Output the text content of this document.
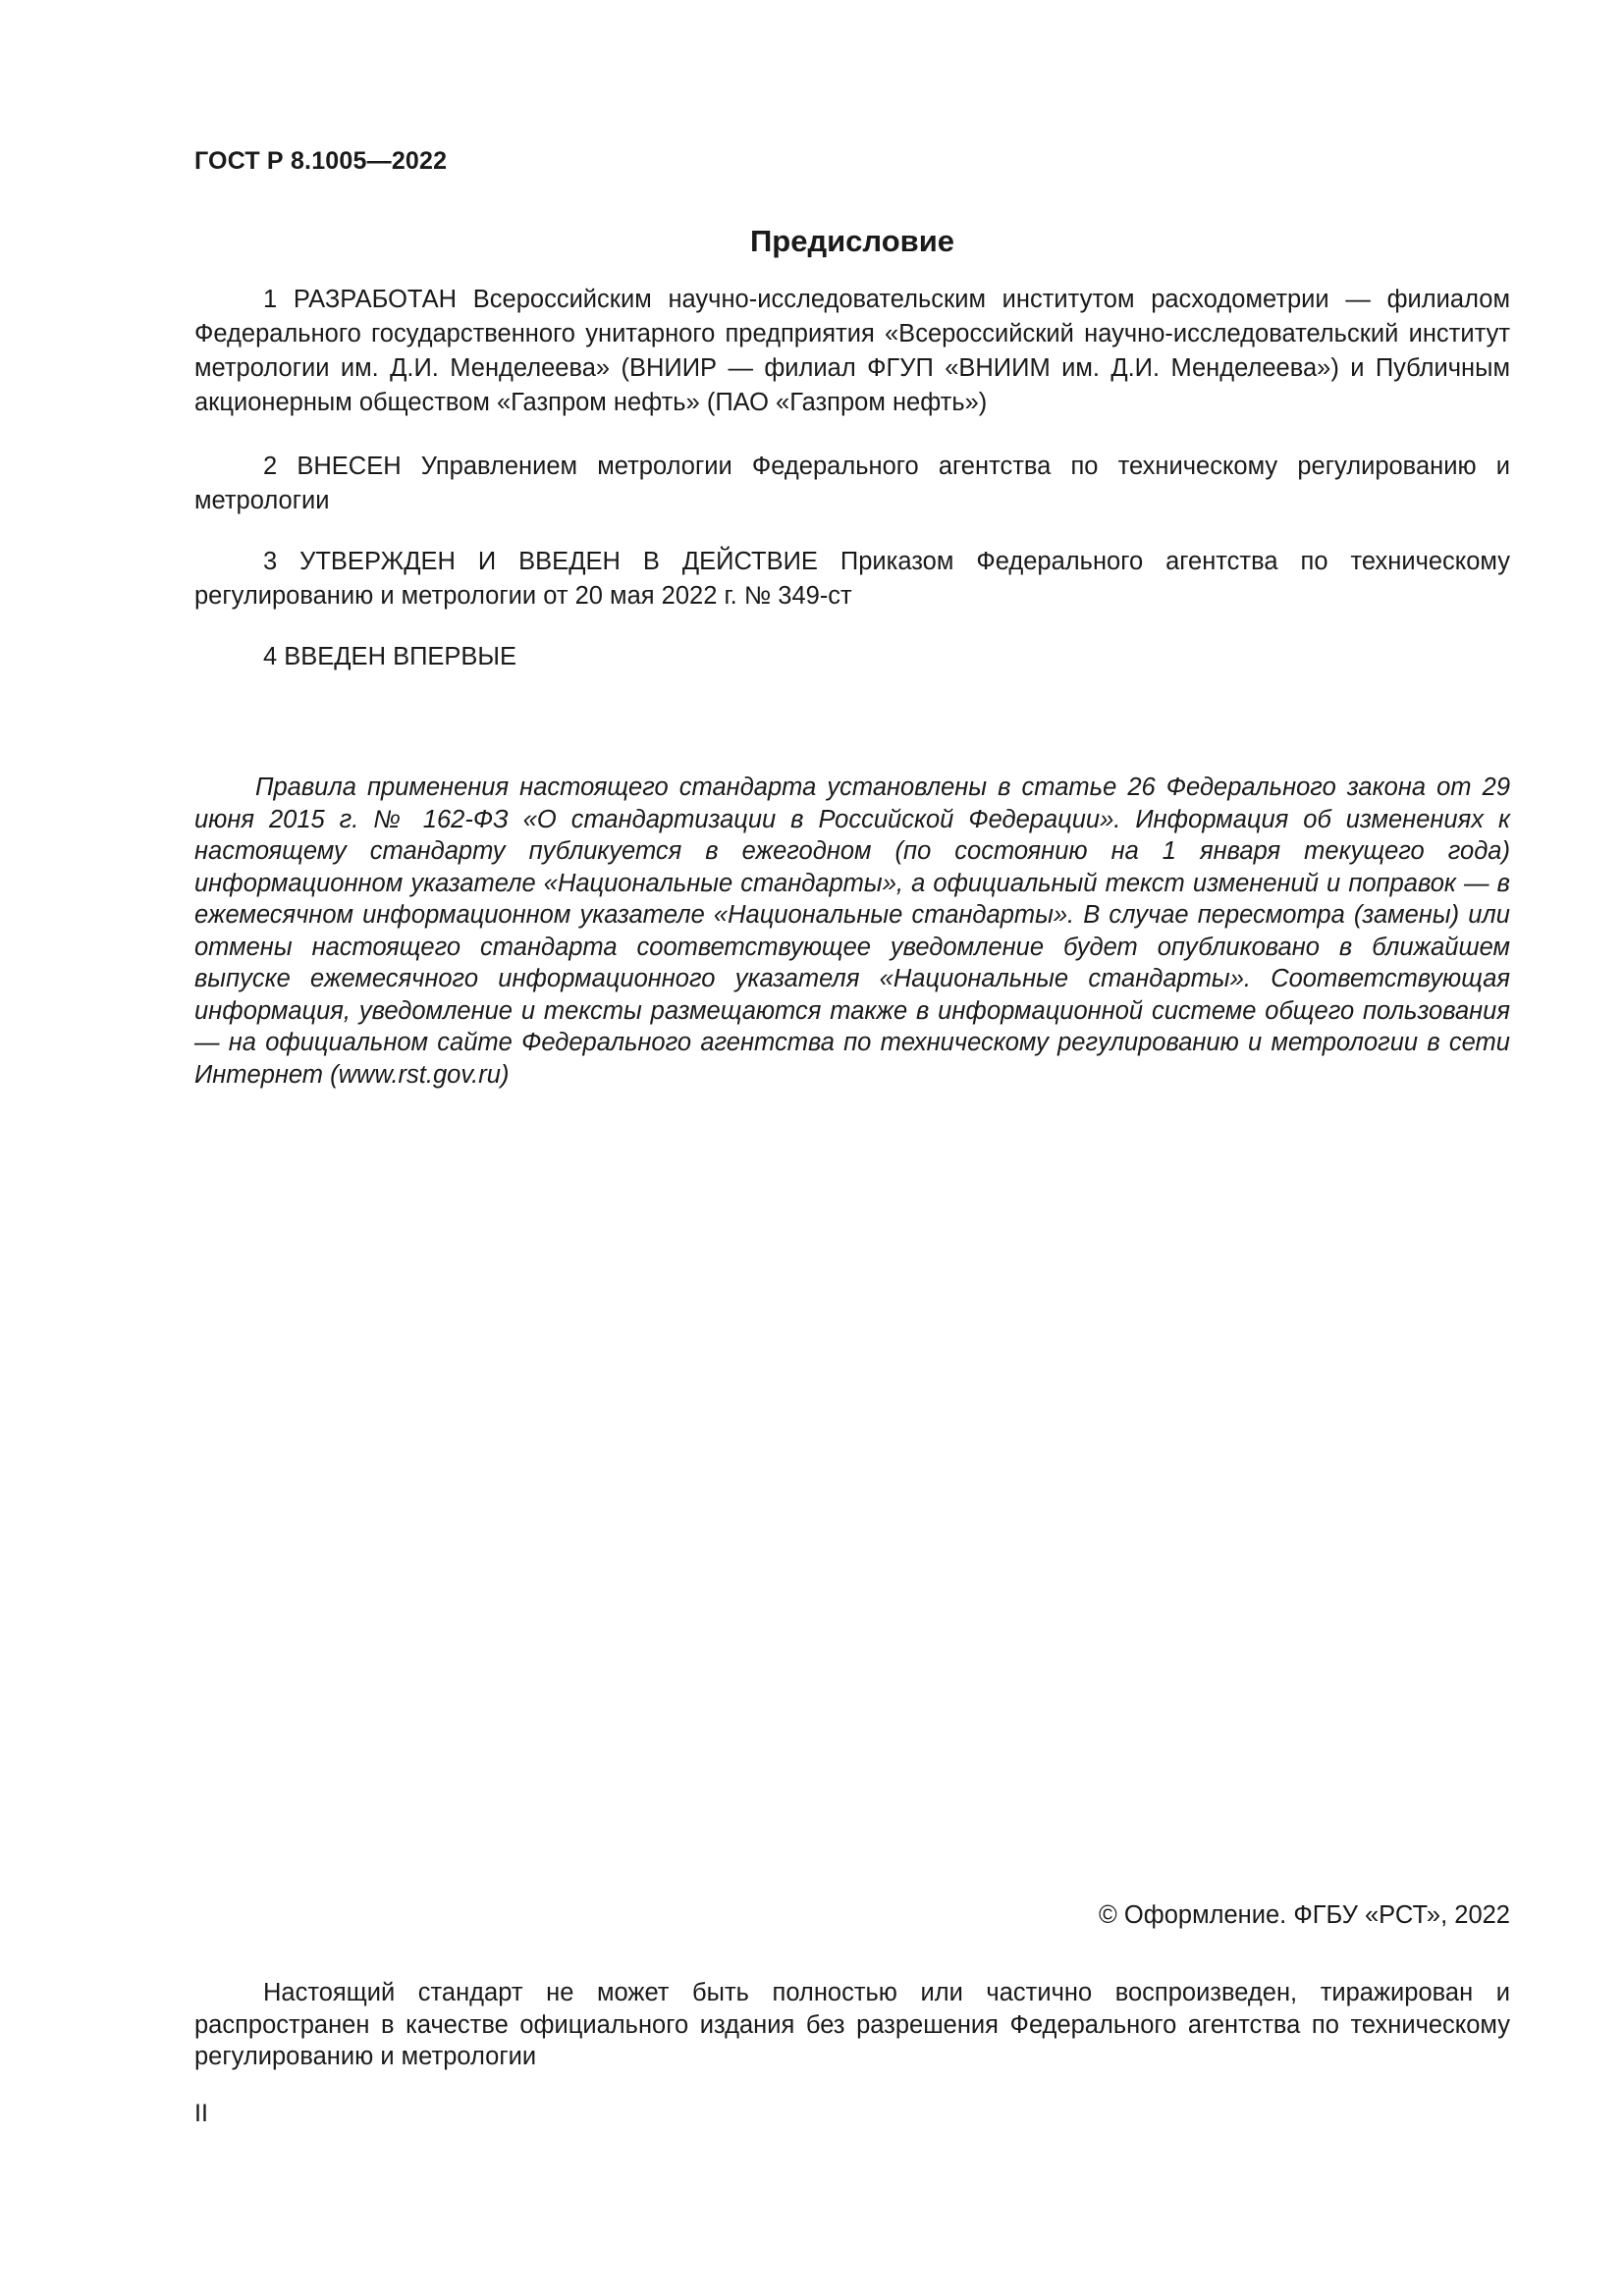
ГОСТ Р 8.1005—2022
Предисловие

1 РАЗРАБОТАН Всероссийским научно-исследовательским институтом расходометрии — филиалом Федерального государственного унитарного предприятия «Всероссийский научно-исследовательский институт метрологии им. Д.И. Менделеева» (ВНИИР — филиал ФГУП «ВНИИМ им. Д.И. Менделеева») и Публичным акционерным обществом «Газпром нефть» (ПАО «Газпром нефть»)

2 ВНЕСЕН Управлением метрологии Федерального агентства по техническому регулированию и метрологии

3 УТВЕРЖДЕН И ВВЕДЕН В ДЕЙСТВИЕ Приказом Федерального агентства по техническому регулированию и метрологии от 20 мая 2022 г. № 349-ст

4 ВВЕДЕН ВПЕРВЫЕ

Правила применения настоящего стандарта установлены в статье 26 Федерального закона от 29 июня 2015 г. № 162-ФЗ «О стандартизации в Российской Федерации». Информация об изменениях к настоящему стандарту публикуется в ежегодном (по состоянию на 1 января текущего года) информационном указателе «Национальные стандарты», а официальный текст изменений и поправок — в ежемесячном информационном указателе «Национальные стандарты». В случае пересмотра (замены) или отмены настоящего стандарта соответствующее уведомление будет опубликовано в ближайшем выпуске ежемесячного информационного указателя «Национальные стандарты». Соответствующая информация, уведомление и тексты размещаются также в информационной системе общего пользования — на официальном сайте Федерального агентства по техническому регулированию и метрологии в сети Интернет (www.rst.gov.ru)

© Оформление. ФГБУ «РСТ», 2022

Настоящий стандарт не может быть полностью или частично воспроизведен, тиражирован и распространен в качестве официального издания без разрешения Федерального агентства по техническому регулированию и метрологии

II
